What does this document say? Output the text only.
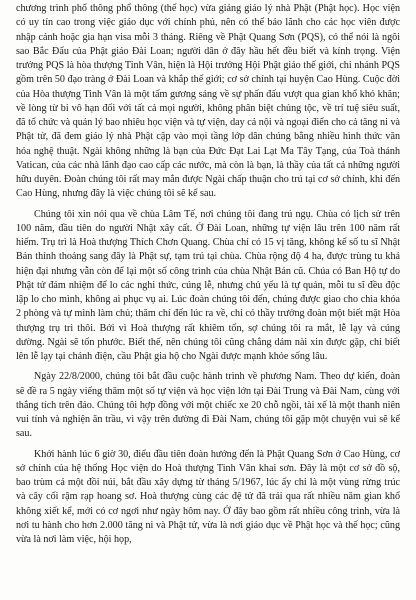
chương trình phổ thông phổ thông (thế học) vừa giảng giáo lý nhà Phật (Phật học). Học viện có uy tín cao trong việc giáo dục với chính phủ, nên có thể bảo lãnh cho các học viên được nhập cảnh hoặc gia hạn visa mỗi 3 tháng. Riêng về Phật Quang Sơn (PQS), có thể nói là ngôi sao Bắc Đẩu của Phật giáo Đài Loan; người dân ở đây hầu hết đều biết và kính trọng. Viện trưởng PQS là hòa thượng Tinh Vân, hiện là Hội trưởng Hội Phật giáo thế giới, chi nhánh PQS gồm trên 50 đạo tràng ở Đài Loan và khắp thế giới; cơ sở chính tại huyện Cao Hùng. Cuộc đời của Hòa thượng Tinh Vân là một tấm gương sáng về sự phấn đấu vượt qua gian khổ khó khăn; về lòng từ bi vô hạn đối với tất cả mọi người, không phân biệt chủng tộc, về trí tuệ siêu suất, đã tổ chức và quản lý bao nhiêu học viện và tự viện, day cả nội và ngoại điển cho cả tăng ni và Phật tử, đã đem giáo lý nhà Phật cập vào mọi tầng lớp dân chúng bằng nhiều hình thức văn hóa nghệ thuật. Ngài không những là bạn của Đức Đạt Lai Lạt Ma Tây Tạng, của Toà thánh Vatican, của các nhà lãnh đạo cao cấp các nước, mà còn là bạn, là thầy của tất cả những người hữu duyên. Đoàn chúng tôi rất may mắn được Ngài chấp thuận cho trú tại cơ sở chính, khi đến Cao Hùng, nhưng đây là việc chúng tôi sẽ kể sau.

Chúng tôi xin nói qua về chùa Lâm Tế, nơi chúng tôi đang trú ngụ. Chùa có lịch sử trên 100 năm, đầu tiên do người Nhật xây cất. Ở Đài Loan, những tự viện lâu trên 100 năm rất hiếm. Trụ trì là Hoà thượng Thích Chơn Quang. Chùa chỉ có 15 vị tăng, không kể số tu sĩ Nhật Bản thỉnh thoảng sang đây là Phật sự, tạm trú tại chùa. Chùa rộng độ 4 ha, được trùng tu khá hiện đại nhưng vẫn còn để lại một số công trình của chùa Nhật Bản cũ. Chúa có Ban Hộ tự do Phật tử đảm nhiệm để lo các nghi thức, cúng lễ, nhưng chủ yếu là tự quản, mỗi tu sĩ đều độc lập lo cho mình, không ai phục vụ ai. Lúc đoàn chúng tôi đến, chúng được giao cho chìa khóa 2 phòng và tự mình làm chủ; thăm chí đến lúc ra về, chỉ có thầy trưởng đoàn một biết mặt Hòa thượng trụ trì thôi. Bởi vì Hoà thượng rất khiêm tốn, sợ chúng tôi ra mắt, lễ lạy và cúng dường. Ngài sẽ tốn phước. Biết thế, nên chúng tôi cũng chẳng dám nài xin được gặp, chỉ biết lên lễ lạy tại chánh điện, cầu Phật gia hộ cho Ngài được mạnh khỏe sống lâu.

Ngày 22/8/2000, chúng tôi bắt đầu cuộc hành trình về phương Nam. Theo dự kiến, đoàn sẽ đề ra 5 ngày viếng thăm một số tự viện và học viện lớn tại Đài Trung và Đài Nam, cùng với thắng tích trên đảo. Chúng tôi hợp đồng với một chiếc xe 20 chỗ ngồi, tài xế là một thanh niên vui tính và nghiện ăn trầu, vì vậy trên đường đi Đài Nam, chúng tôi gặp một chuyện vui sẽ kể sau.

Khởi hành lúc 6 giờ 30, điểu đầu tiên đoàn hướng đến là Phật Quang Sơn ở Cao Hùng, cơ sở chính của hệ thống Học viện do Hoà thượng Tinh Vân khai sơn. Đây là một cơ sở đồ sộ, bao trùm cả một đồi núi, bắt đầu xây dựng từ tháng 5/1967, lúc ấy chỉ là một vùng rừng trúc và cây cối rậm rạp hoang sơ. Hoà thượng cùng các đệ tử đã trải qua rất nhiều năm gian khổ không xiết kể, mới có cơ ngơi như ngày hôm nay. Ở đây bao gồm rất nhiều công trình, vừa là nơi tu hành cho hơn 2.000 tăng ni và Phật tử, vừa là nơi giáo dục về Phật học và thế học; cũng vừa là nơi làm việc, hội họp,
